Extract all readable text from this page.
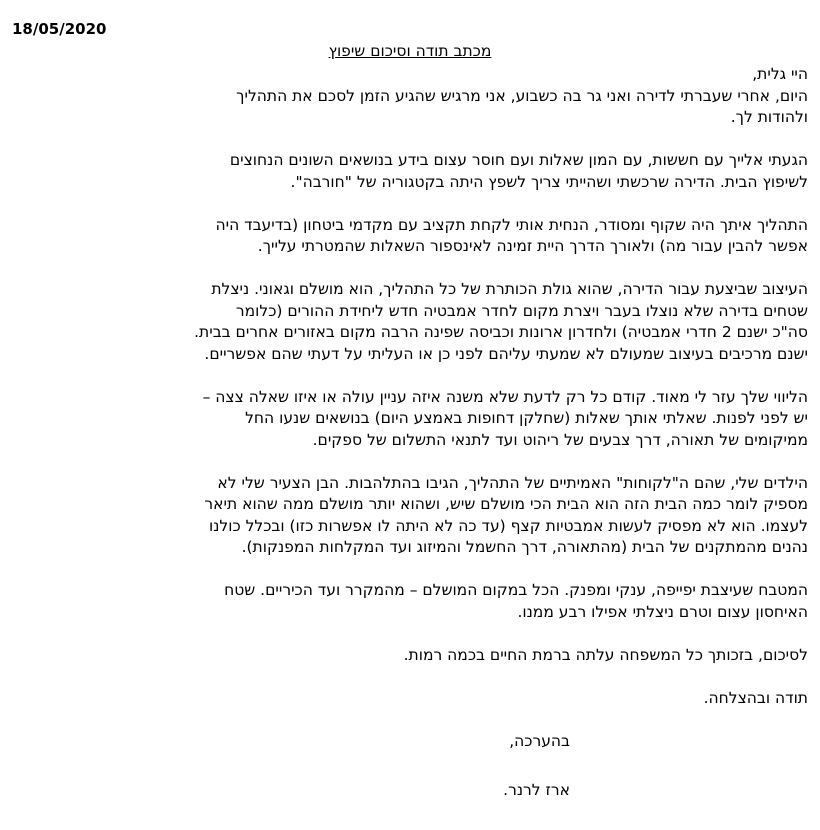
18/05/2020
מכתב תודה וסיכום שיפוץ

היי גלית,
היום, אחרי שעברתי לדירה ואני גר בה כשבוע, אני מרגיש שהגיע הזמן לסכם את התהליך
ולהודות לך.

הגעתי אלייך עם חששות, עם המון שאלות ועם חוסר עצום בידע בנושאים השונים הנחוצים
לשיפוץ הבית. הדירה שרכשתי ושהייתי צריך לשפץ היתה בקטגוריה של "חורבה".

התהליך איתך היה שקוף ומסודר, הנחית אותי לקחת תקציב עם מקדמי ביטחון (בדיעבד היה
אפשר להבין עבור מה) ולאורך הדרך היית זמינה לאינספור השאלות שהמטרתי עלייך.

העיצוב שביצעת עבור הדירה, שהוא גולת הכותרת של כל התהליך, הוא מושלם וגאוני. ניצלת
שטחים בדירה שלא נוצלו בעבר ויצרת מקום לחדר אמבטיה חדש ליחידת ההורים (כלומר
סה"כ ישנם 2 חדרי אמבטיה) ולחדרון ארונות וכביסה שפינה הרבה מקום באזורים אחרים בבית.
ישנם מרכיבים בעיצוב שמעולם לא שמעתי עליהם לפני כן או העליתי על דעתי שהם אפשריים.

הליווי שלך עזר לי מאוד. קודם כל רק לדעת שלא משנה איזה עניין עולה או איזו שאלה צצה –
יש לפני לפנות. שאלתי אותך שאלות (שחלקן דחופות באמצע היום) בנושאים שנעו החל
ממיקומים של תאורה, דרך צבעים של ריהוט ועד לתנאי התשלום של ספקים.

הילדים שלי, שהם ה"לקוחות" האמיתיים של התהליך, הגיבו בהתלהבות. הבן הצעיר שלי לא
מספיק לומר כמה הבית הזה הוא הבית הכי מושלם שיש, ושהוא יותר מושלם ממה שהוא תיאר
לעצמו. הוא לא מפסיק לעשות אמבטיות קצף (עד כה לא היתה לו אפשרות כזו) ובכלל כולנו
נהנים מהמתקנים של הבית (מהתאורה, דרך החשמל והמיזוג ועד המקלחות המפנקות).

המטבח שעיצבת יפייפה, ענקי ומפנק. הכל במקום המושלם – מהמקרר ועד הכיריים. שטח
האיחסון עצום וטרם ניצלתי אפילו רבע ממנו.

לסיכום, בזכותך כל המשפחה עלתה ברמת החיים בכמה רמות.

תודה ובהצלחה.

בהערכה,

ארז לרנר.
